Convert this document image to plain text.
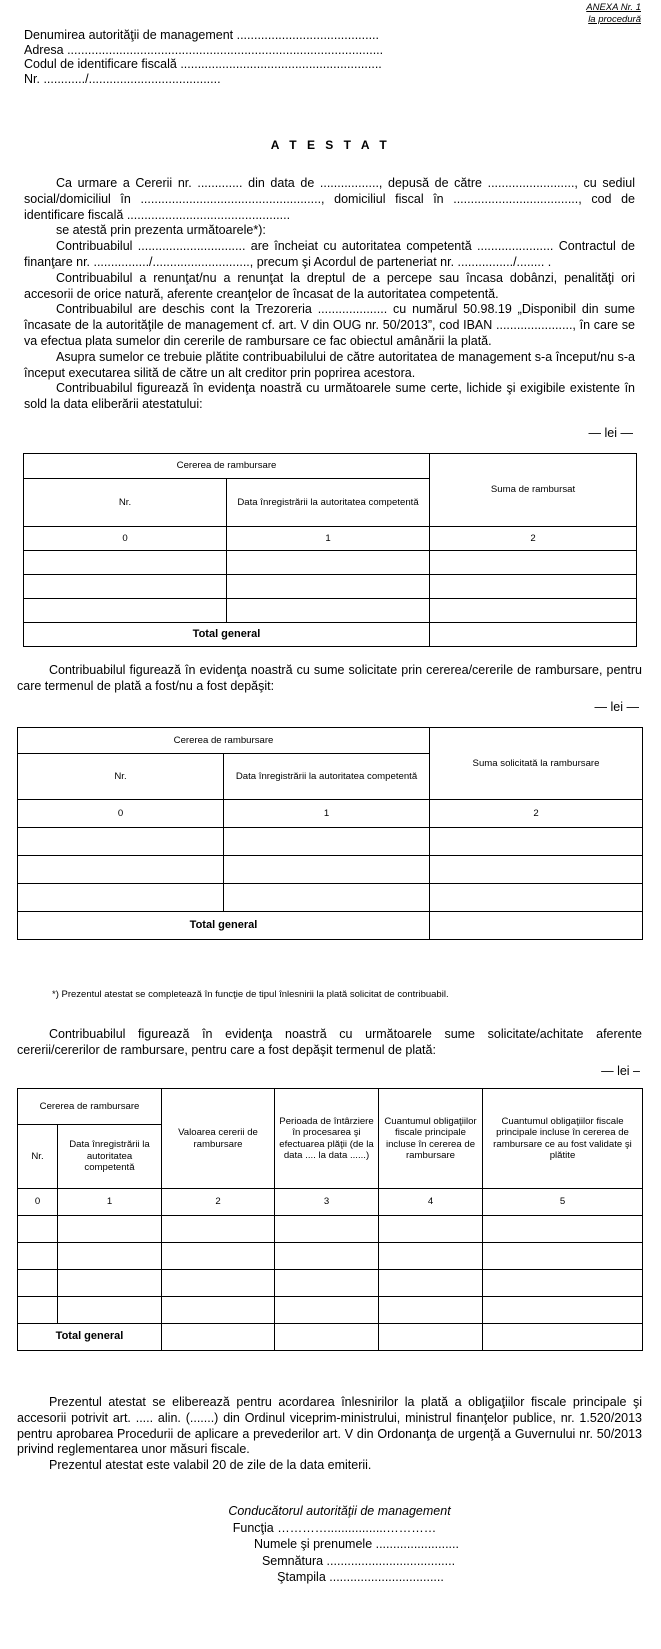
ANEXA Nr. 1
la procedură
Denumirea autorităţii de management .........................................
Adresa ...........................................................................................
Codul de identificare fiscală ..........................................................
Nr. ............/......................................
A T E S T A T

Ca urmare a Cererii nr. ............. din data de ................., depusă de către ........................., cu sediul social/domiciliul în ...................................................., domiciliul fiscal în ...................................., cod de identificare fiscală ...............................................

se atestă prin prezenta următoarele*):

Contribuabilul ............................... are încheiat cu autoritatea competentă ...................... Contractul de finanţare nr. ................/............................, precum şi Acordul de parteneriat nr. ................/........ .

Contribuabilul a renunţat/nu a renunţat la dreptul de a percepe sau încasa dobânzi, penalităţi ori accesorii de orice natură, aferente creanţelor de încasat de la autoritatea competentă.

Contribuabilul are deschis cont la Trezoreria .................... cu numărul 50.98.19 „Disponibil din sume încasate de la autorităţile de management cf. art. V din OUG nr. 50/2013”, cod IBAN ......................, în care se va efectua plata sumelor din cererile de rambursare ce fac obiectul amânării la plată.

Asupra sumelor ce trebuie plătite contribuabilului de către autoritatea de management s-a început/nu s-a început executarea silită de către un alt creditor prin poprirea acestora.

Contribuabilul figurează în evidenţa noastră cu următoarele sume certe, lichide şi exigibile existente în sold la data eliberării atestatului:

— lei —
Cererea de rambursare		Suma de rambursat
Nr.	Data înregistrării la autoritatea competentă	
0	1	2

Total general		

Contribuabilul figurează în evidenţa noastră cu sume solicitate prin cererea/cererile de rambursare, pentru care termenul de plată a fost/nu a fost depăşit:

— lei —
Cererea de rambursare		Suma solicitată la rambursare
Nr.	Data înregistrării la autoritatea competentă	
0	1	2

Total general		
*) Prezentul atestat se completează în funcţie de tipul înlesnirii la plată solicitat de contribuabil.

Contribuabilul figurează în evidenţa noastră cu următoarele sume solicitate/achitate aferente cererii/cererilor de rambursare, pentru care a fost depăşit termenul de plată:

— lei –
Cererea de rambursare		Valoarea cererii de rambursare	Perioada de întârziere în procesarea şi efectuarea plăţii (de la data .... la data ......)	Cuantumul obligaţiilor fiscale principale incluse în cererea de rambursare	Cuantumul obligaţiilor fiscale principale incluse în cererea de rambursare ce au fost validate şi plătite
Nr.	Data înregistrării la autoritatea competentă				
0	1	2	3	4	5

Total general					

Prezentul atestat se eliberează pentru acordarea înlesnirilor la plată a obligaţiilor fiscale principale şi accesorii potrivit art. ..... alin. (.......) din Ordinul viceprim-ministrului, ministrul finanţelor publice, nr. 1.520/2013 pentru aprobarea Procedurii de aplicare a prevederilor art. V din Ordonanţa de urgenţă a Guvernului nr. 50/2013 privind reglementarea unor măsuri fiscale.

Prezentul atestat este valabil 20 de zile de la data emiterii.

Conducătorul autorităţii de management
Funcţia ………….................…………
Numele şi prenumele ........................
Semnătura .....................................
Ştampila .................................
